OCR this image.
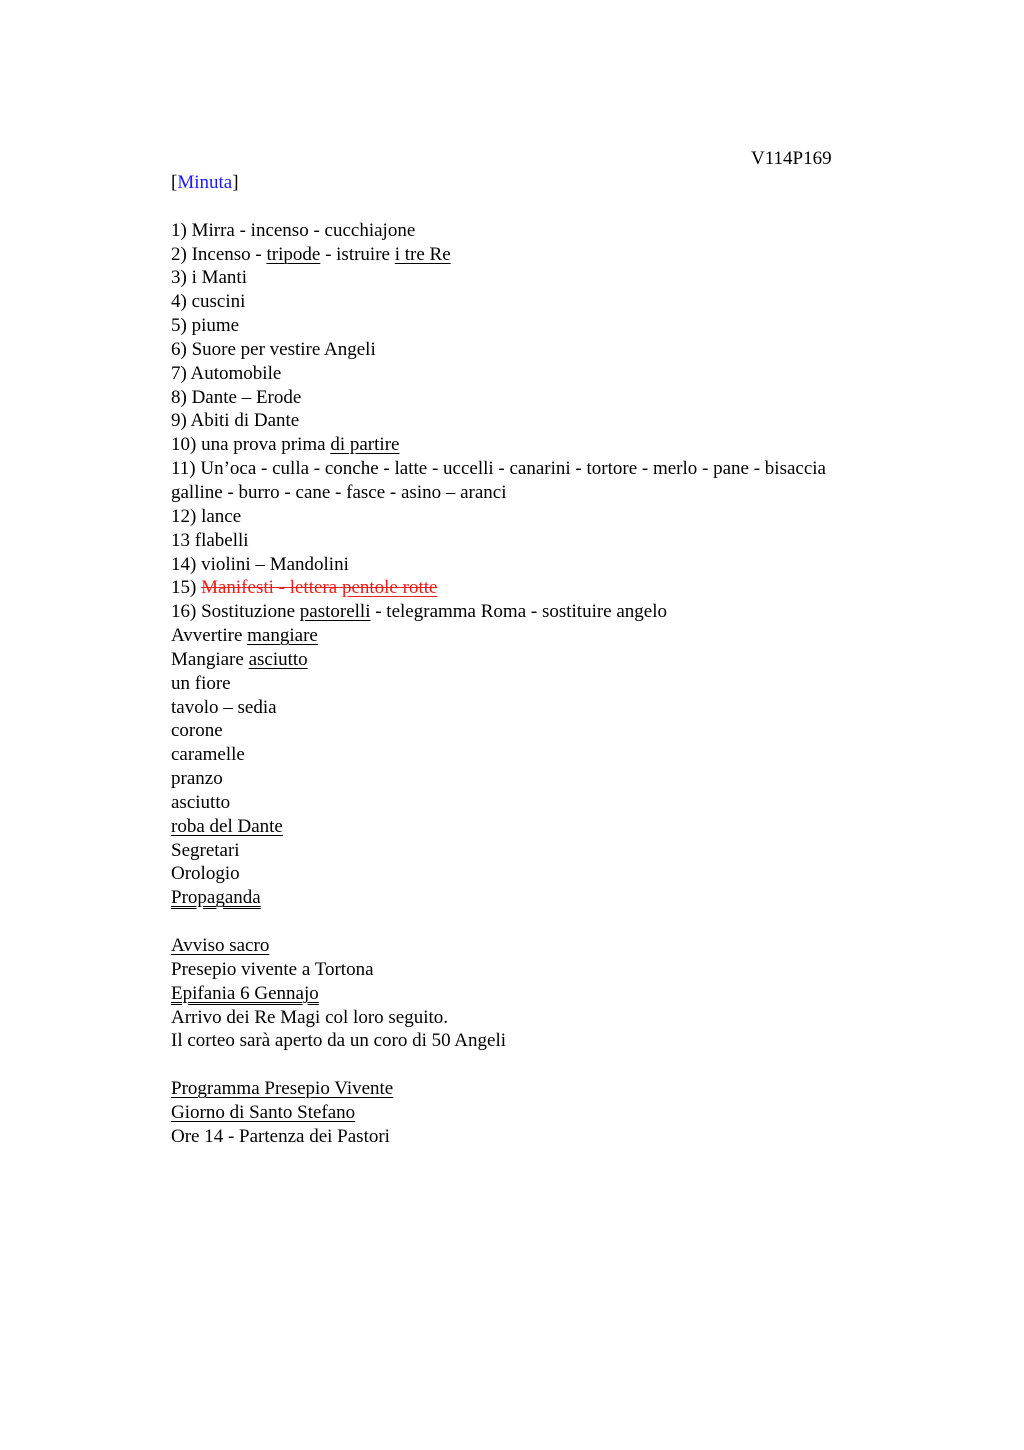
V114P169
[Minuta]
1) Mirra - incenso - cucchiajone
2) Incenso - tripode - istruire i tre Re
3) i Manti
4) cuscini
5) piume
6) Suore per vestire Angeli
7) Automobile
8) Dante – Erode
9) Abiti di Dante
10) una prova prima di partire
11) Un’oca - culla - conche - latte - uccelli - canarini - tortore - merlo - pane - bisaccia
galline - burro - cane - fasce - asino – aranci
12) lance
13 flabelli
14) violini – Mandolini
15) Manifesti - lettera pentole rotte
16) Sostituzione pastorelli - telegramma Roma - sostituire angelo
Avvertire mangiare
Mangiare asciutto
un fiore
tavolo – sedia
corone
caramelle
pranzo
asciutto
roba del Dante
Segretari
Orologio
Propaganda
Avviso sacro
Presepio vivente a Tortona
Epifania 6 Gennajo
Arrivo dei Re Magi col loro seguito.
Il corteo sarà aperto da un coro di 50 Angeli
Programma Presepio Vivente
Giorno di Santo Stefano
Ore 14 - Partenza dei Pastori
